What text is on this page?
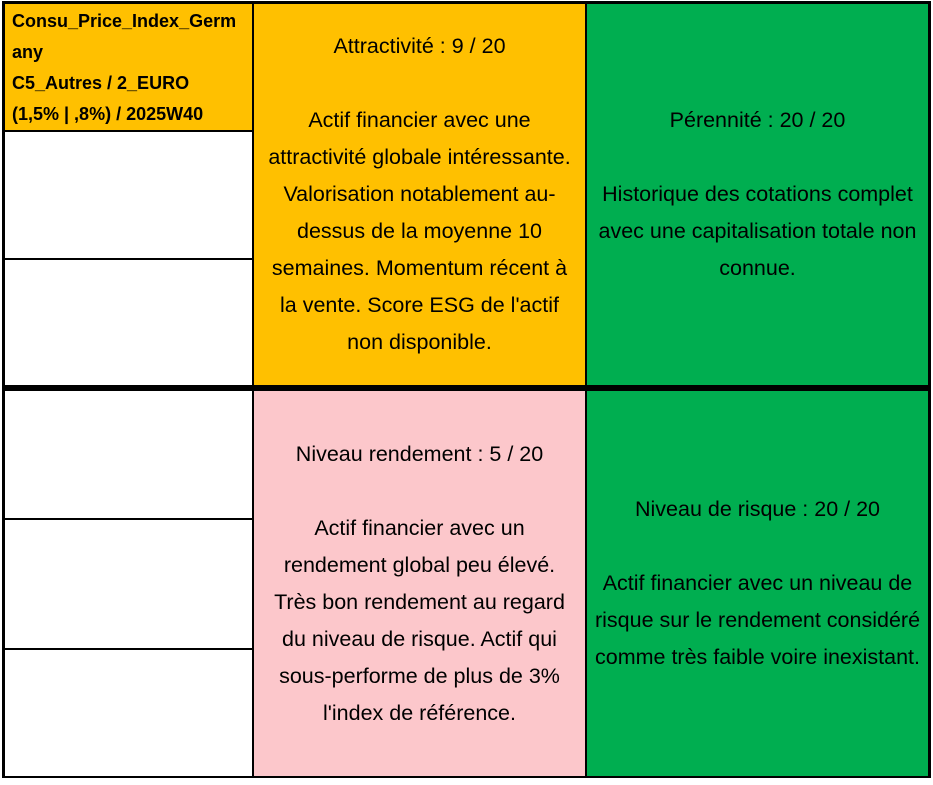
Consu_Price_Index_Germany
C5_Autres / 2_EURO
(1,5% | ,8%) / 2025W40
Attractivité : 9 / 20
Actif financier avec une attractivité globale intéressante. Valorisation notablement au-dessus de la moyenne 10 semaines. Momentum récent à la vente. Score ESG de l'actif non disponible.
Pérennité : 20 / 20
Historique des cotations complet avec une capitalisation totale non connue.
Niveau rendement : 5 / 20
Actif financier avec un rendement global peu élevé. Très bon rendement au regard du niveau de risque. Actif qui sous-performe de plus de 3% l'index de référence.
Niveau de risque : 20 / 20
Actif financier avec un niveau de risque sur le rendement considéré comme très faible voire inexistant.
